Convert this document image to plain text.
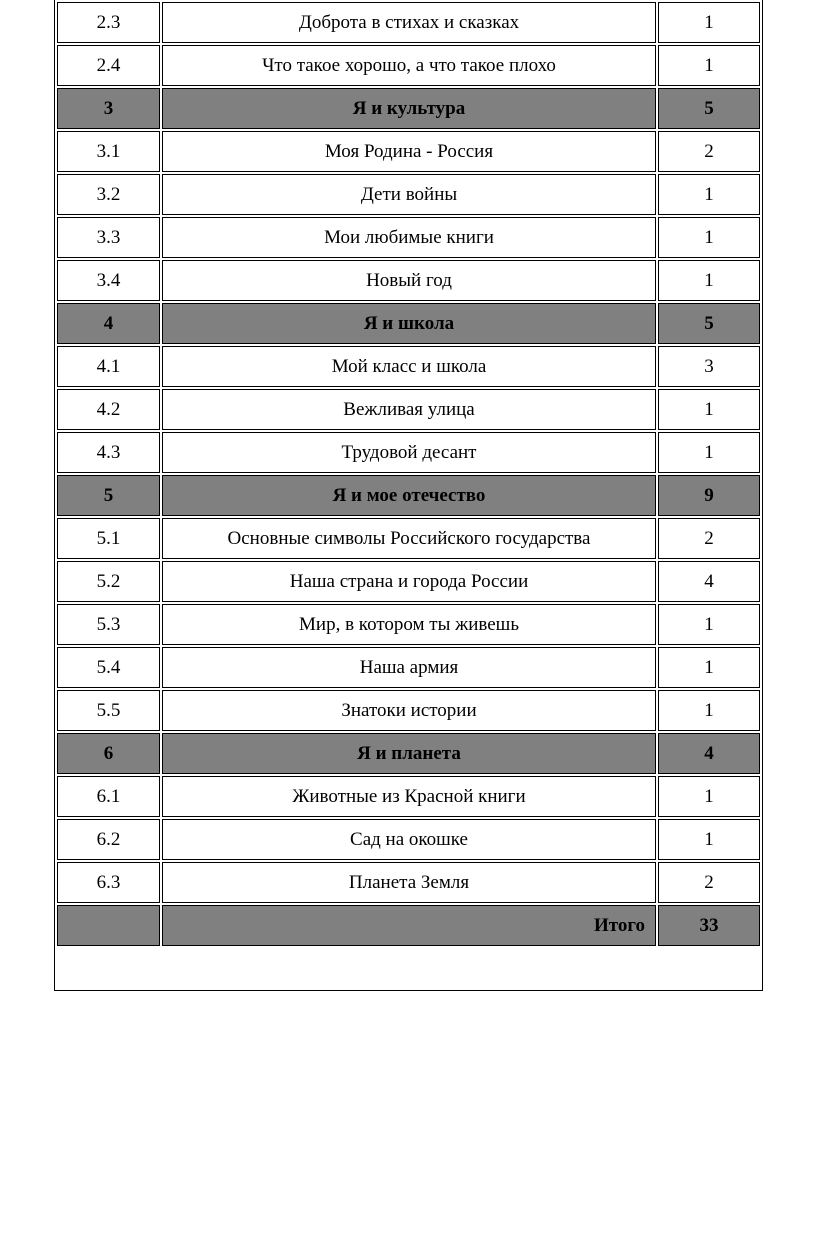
2.3	Доброта в стихах и сказках	1
2.4	Что такое хорошо, а что такое плохо	1
3	Я и культура	5
3.1	Моя Родина - Россия	2
3.2	Дети войны	1
3.3	Мои любимые книги	1
3.4	Новый год	1
4	Я и школа	5
4.1	Мой класс и школа	3
4.2	Вежливая улица	1
4.3	Трудовой десант	1
5	Я и мое отечество	9
5.1	Основные символы Российского государства	2
5.2	Наша страна и города России	4
5.3	Мир, в котором ты живешь	1
5.4	Наша армия	1
5.5	Знатоки истории	1
6	Я и планета	4
6.1	Животные из Красной книги	1
6.2	Сад на окошке	1
6.3	Планета Земля	2
	Итого	33
